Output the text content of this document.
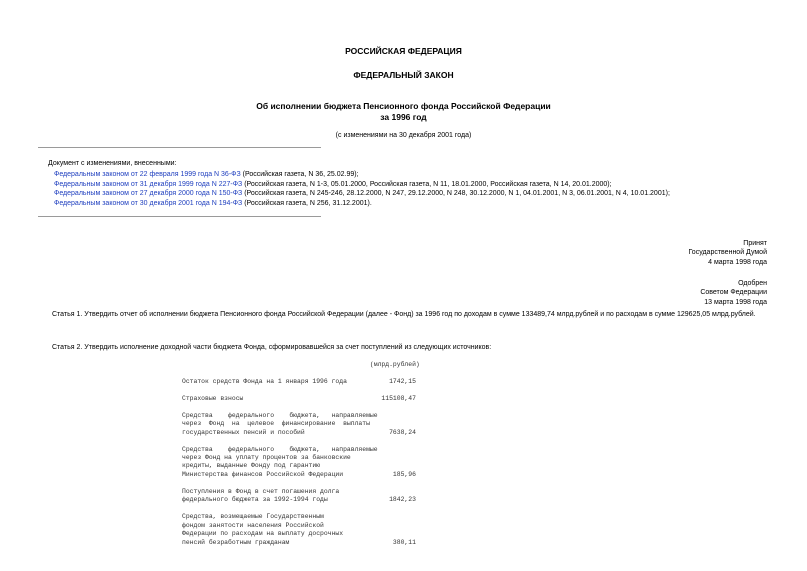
РОССИЙСКАЯ ФЕДЕРАЦИЯ
ФЕДЕРАЛЬНЫЙ ЗАКОН
Об исполнении бюджета Пенсионного фонда Российской Федерации
за 1996 год
(с изменениями на 30 декабря 2001 года)
Документ с изменениями, внесенными:
Федеральным законом от 22 февраля 1999 года N 36-ФЗ (Российская газета, N 36, 25.02.99);
Федеральным законом от 31 декабря 1999 года N 227-ФЗ (Российская газета, N 1-3, 05.01.2000, Российская газета, N 11, 18.01.2000, Российская газета, N 14, 20.01.2000);
Федеральным законом от 27 декабря 2000 года N 150-ФЗ (Российская газета, N 245-246, 28.12.2000, N 247, 29.12.2000, N 248, 30.12.2000, N 1, 04.01.2001, N 3, 06.01.2001, N 4, 10.01.2001);
Федеральным законом от 30 декабря 2001 года N 194-ФЗ (Российская газета, N 256, 31.12.2001).
Принят
Государственной Думой
4 марта 1998 года
Одобрен
Советом Федерации
13 марта 1998 года
Статья 1. Утвердить отчет об исполнении бюджета Пенсионного фонда Российской Федерации (далее - Фонд) за 1996 год по доходам в сумме 133489,74 млрд.рублей и по расходам в сумме 129625,05 млрд.рублей.
Статья 2. Утвердить исполнение доходной части бюджета Фонда, сформировавшейся за счет поступлений из следующих источников:
(млрд.рублей)

Остаток средств Фонда на 1 января 1996 года           1742,15

Страховые взносы                                    115108,47

Средства    федерального    бюджета,   направляемые
через  Фонд  на  целевое  финансирование  выплаты
государственных пенсий и пособий                      7638,24

Средства    федерального    бюджета,   направляемые
через Фонд на уплату процентов за банковские
кредиты, выданные Фонду под гарантию
Министерства финансов Российской Федерации             185,96

Поступления в Фонд в счет погашения долга
федерального бюджета за 1992-1994 годы                1842,23

Средства, возмещаемые Государственным
фондом занятости населения Российской
Федерации по расходам на выплату досрочных
пенсий безработным гражданам                           380,11
